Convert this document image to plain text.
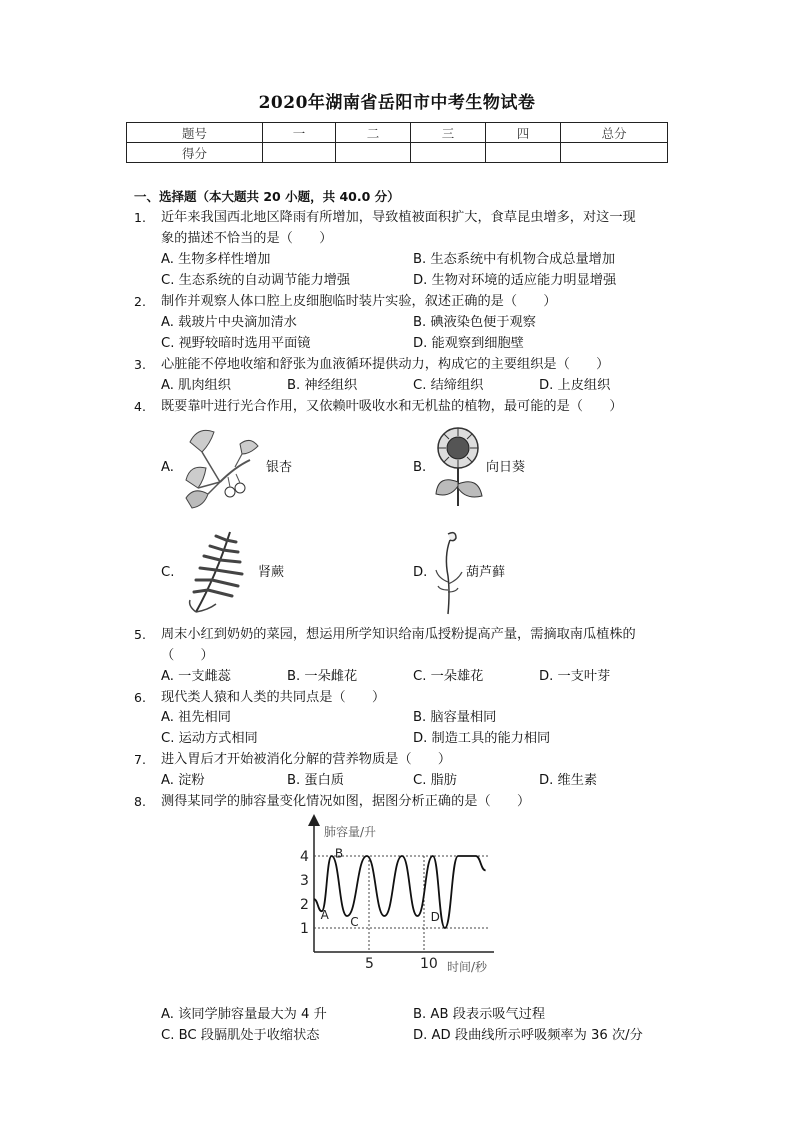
2020年湖南省岳阳市中考生物试卷
题号	一	二	三	四	总分
得分					
一、选择题（本大题共 20 小题，共 40.0 分）
1. 近年来我国西北地区降雨有所增加，导致植被面积扩大，食草昆虫增多，对这一现
象的描述不恰当的是（　　）
A. 生物多样性增加	B. 生态系统中有机物合成总量增加
C. 生态系统的自动调节能力增强	D. 生物对环境的适应能力明显增强
2. 制作并观察人体口腔上皮细胞临时装片实验，叙述正确的是（　　）
A. 载玻片中央滴加清水	B. 碘液染色便于观察
C. 视野较暗时选用平面镜	D. 能观察到细胞壁
3. 心脏能不停地收缩和舒张为血液循环提供动力，构成它的主要组织是（　　）
A. 肌肉组织	B. 神经组织	C. 结缔组织	D. 上皮组织
4. 既要靠叶进行光合作用，又依赖叶吸收水和无机盐的植物，最可能的是（　　）
A.	银杏	B.	向日葵
C.	肾蕨	D.	葫芦藓
5. 周末小红到奶奶的菜园，想运用所学知识给南瓜授粉提高产量，需摘取南瓜植株的
（　　）
A. 一支雌蕊	B. 一朵雌花	C. 一朵雄花	D. 一支叶芽
6. 现代类人猿和人类的共同点是（　　）
A. 祖先相同	B. 脑容量相同
C. 运动方式相同	D. 制造工具的能力相同
7. 进入胃后才开始被消化分解的营养物质是（　　）
A. 淀粉	B. 蛋白质	C. 脂肪	D. 维生素
8. 测得某同学的肺容量变化情况如图，据图分析正确的是（　　）
肺容量/升
时间/秒
1
2
3
4
5	10
A
B
C	D
A. 该同学肺容量最大为 4 升	B. AB 段表示吸气过程
C. BC 段膈肌处于收缩状态	D. AD 段曲线所示呼吸频率为 36 次/分
